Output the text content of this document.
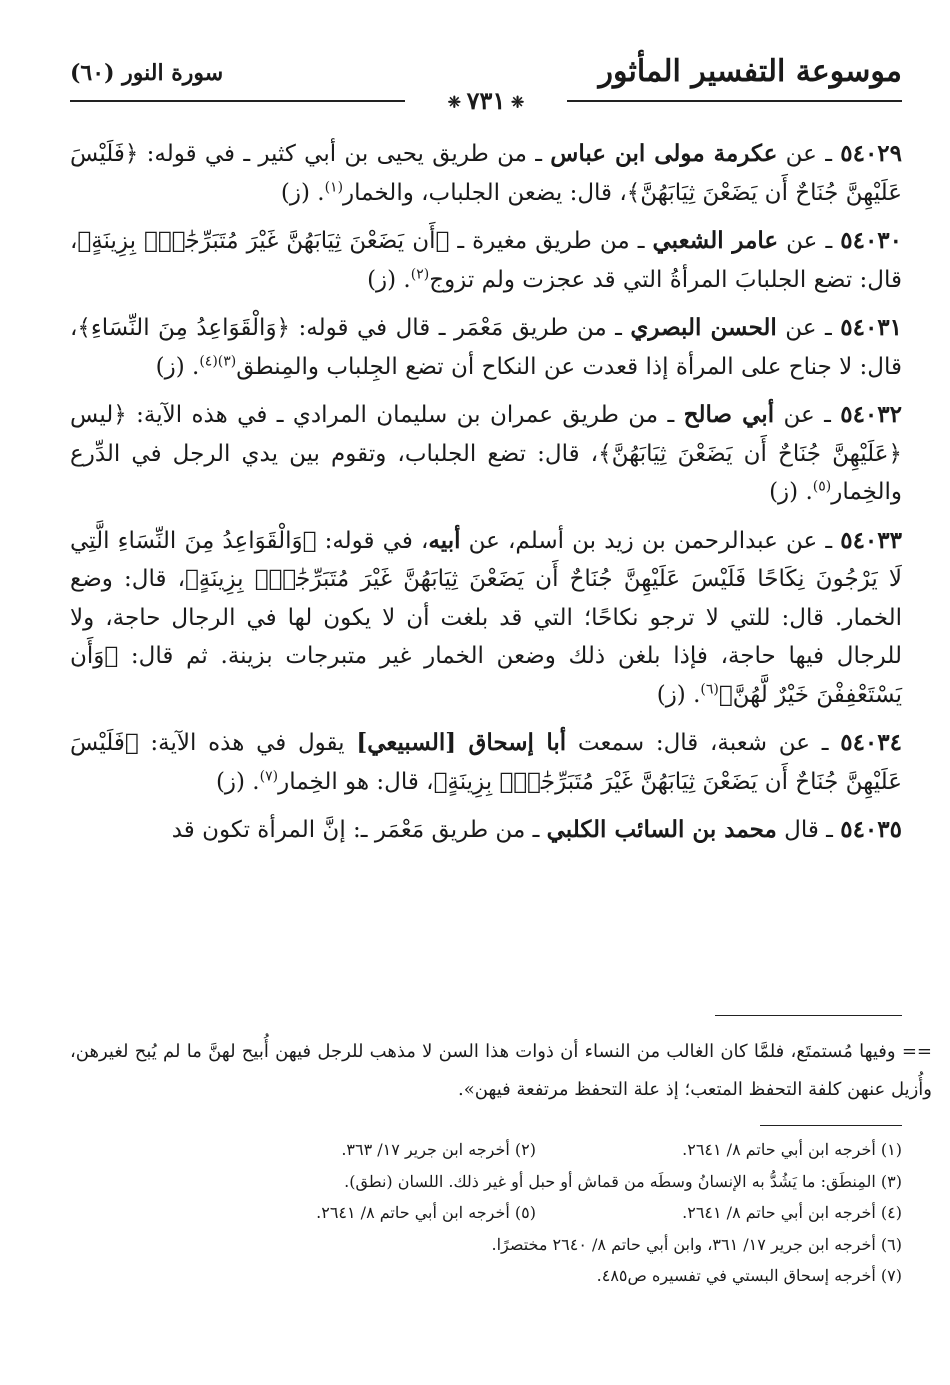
موسوعة التفسير المأثور
سورة النور (٦٠)
❈ ٧٣١ ❈

٥٤٠٢٩ ـ عن عكرمة مولى ابن عباس ـ من طريق يحيى بن أبي كثير ـ في قوله: ﴿فَلَيْسَ عَلَيْهِنَّ جُنَاحٌ أَن يَضَعْنَ ثِيَابَهُنَّ﴾، قال: يضعن الجلباب، والخمار$^{(١)}$. (ز)

٥٤٠٣٠ ـ عن عامر الشعبي ـ من طريق مغيرة ـ ﴿أَن يَضَعْنَ ثِيَابَهُنَّ غَيْرَ مُتَبَرِّجَٰتِۭ بِزِينَةٍ﴾، قال: تضع الجلبابَ المرأةُ التي قد عجزت ولم تزوج$^{(٢)}$. (ز)

٥٤٠٣١ ـ عن الحسن البصري ـ من طريق مَعْمَر ـ قال في قوله: ﴿وَالْقَوَاعِدُ مِنَ النِّسَاءِ﴾، قال: لا جناح على المرأة إذا قعدت عن النكاح أن تضع الجِلباب والمِنطق$^{(٣)(٤)}$. (ز)

٥٤٠٣٢ ـ عن أبي صالح ـ من طريق عمران بن سليمان المرادي ـ في هذه الآية: ﴿ليس ﴿عَلَيْهِنَّ جُنَاحٌ أَن يَضَعْنَ ثِيَابَهُنَّ﴾، قال: تضع الجلباب، وتقوم بين يدي الرجل في الدِّرع والخِمار$^{(٥)}$. (ز)

٥٤٠٣٣ ـ عن عبدالرحمن بن زيد بن أسلم، عن أبيه، في قوله: ﴿وَالْقَوَاعِدُ مِنَ النِّسَاءِ الَّتِي لَا يَرْجُونَ نِكَاحًا فَلَيْسَ عَلَيْهِنَّ جُنَاحٌ أَن يَضَعْنَ ثِيَابَهُنَّ غَيْرَ مُتَبَرِّجَٰتِۭ بِزِينَةٍ﴾، قال: وضع الخمار. قال: للتي لا ترجو نكاحًا؛ التي قد بلغت أن لا يكون لها في الرجال حاجة، ولا للرجال فيها حاجة، فإذا بلغن ذلك وضعن الخمار غير متبرجات بزينة. ثم قال: ﴿وَأَن يَسْتَعْفِفْنَ خَيْرٌ لَّهُنَّ﴾$^{(٦)}$. (ز)

٥٤٠٣٤ ـ عن شعبة، قال: سمعت أبا إسحاق [السبيعي] يقول في هذه الآية: ﴿فَلَيْسَ عَلَيْهِنَّ جُنَاحٌ أَن يَضَعْنَ ثِيَابَهُنَّ غَيْرَ مُتَبَرِّجَٰتِۭ بِزِينَةٍ﴾، قال: هو الخِمار$^{(٧)}$. (ز)

٥٤٠٣٥ ـ قال محمد بن السائب الكلبي ـ من طريق مَعْمَر ـ: إنَّ المرأة تكون قد

== وفيها مُستمتَع، فلمَّا كان الغالب من النساء أن ذوات هذا السن لا مذهب للرجل فيهن أُبيح لهنَّ ما لم يُبح لغيرهن، وأُزيل عنهن كلفة التحفظ المتعب؛ إذ علة التحفظ مرتفعة فيهن».
(١) أخرجه ابن أبي حاتم ٨/ ٢٦٤١.
(٢) أخرجه ابن جرير ١٧/ ٣٦٣.
(٣) المِنطَق: ما يَشُدُّ به الإنسانُ وسطَه من قماش أو حبل أو غير ذلك. اللسان (نطق).
(٤) أخرجه ابن أبي حاتم ٨/ ٢٦٤١.
(٥) أخرجه ابن أبي حاتم ٨/ ٢٦٤١.
(٦) أخرجه ابن جرير ١٧/ ٣٦١، وابن أبي حاتم ٨/ ٢٦٤٠ مختصرًا.
(٧) أخرجه إسحاق البستي في تفسيره ص٤٨٥.
